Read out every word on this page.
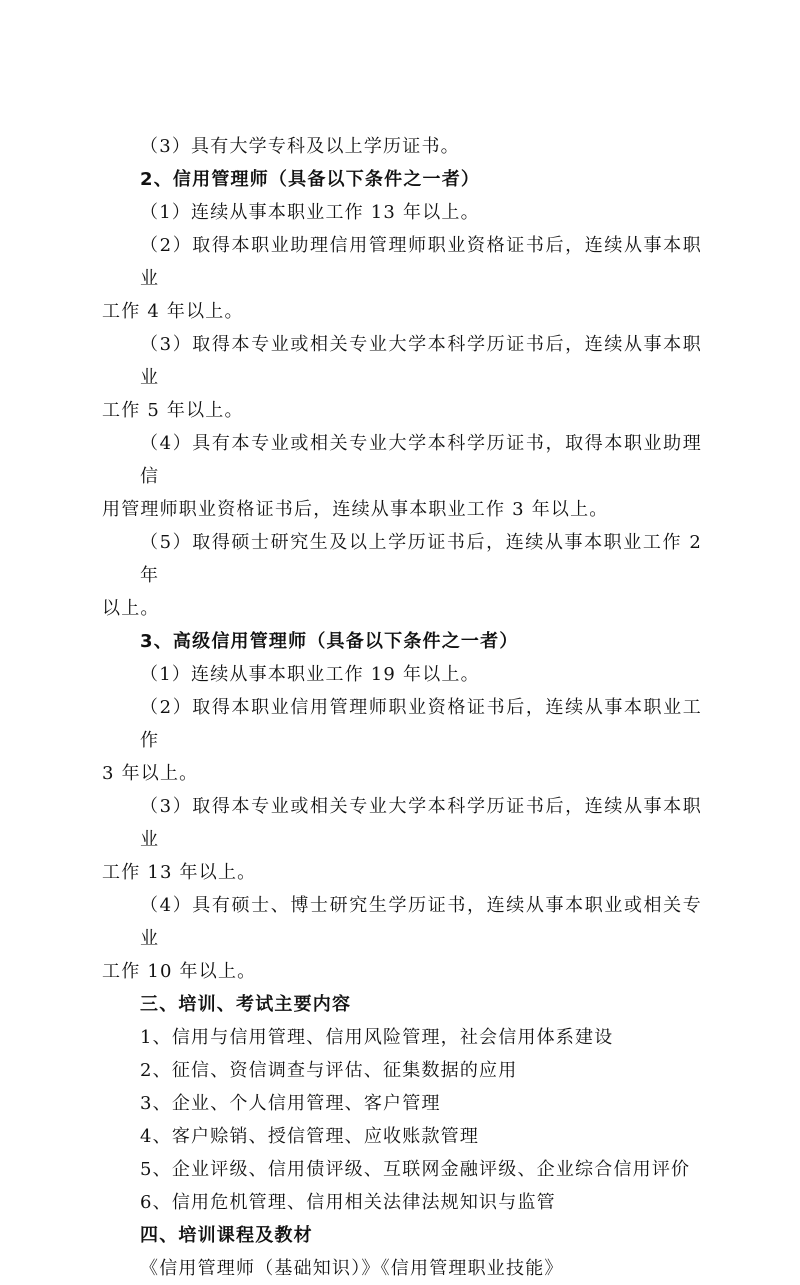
（3）具有大学专科及以上学历证书。

2、信用管理师（具备以下条件之一者）

（1）连续从事本职业工作 13 年以上。

（2）取得本职业助理信用管理师职业资格证书后，连续从事本职业

工作 4 年以上。

（3）取得本专业或相关专业大学本科学历证书后，连续从事本职业

工作 5 年以上。

（4）具有本专业或相关专业大学本科学历证书，取得本职业助理信

用管理师职业资格证书后，连续从事本职业工作 3 年以上。

（5）取得硕士研究生及以上学历证书后，连续从事本职业工作 2 年

以上。

3、高级信用管理师（具备以下条件之一者）

（1）连续从事本职业工作 19 年以上。

（2）取得本职业信用管理师职业资格证书后，连续从事本职业工作

3 年以上。

（3）取得本专业或相关专业大学本科学历证书后，连续从事本职业

工作 13 年以上。

（4）具有硕士、博士研究生学历证书，连续从事本职业或相关专业

工作 10 年以上。

三、培训、考试主要内容

1、信用与信用管理、信用风险管理，社会信用体系建设

2、征信、资信调查与评估、征集数据的应用

3、企业、个人信用管理、客户管理

4、客户赊销、授信管理、应收账款管理

5、企业评级、信用债评级、互联网金融评级、企业综合信用评价

6、信用危机管理、信用相关法律法规知识与监管

四、培训课程及教材

《信用管理师（基础知识）》《信用管理职业技能》
